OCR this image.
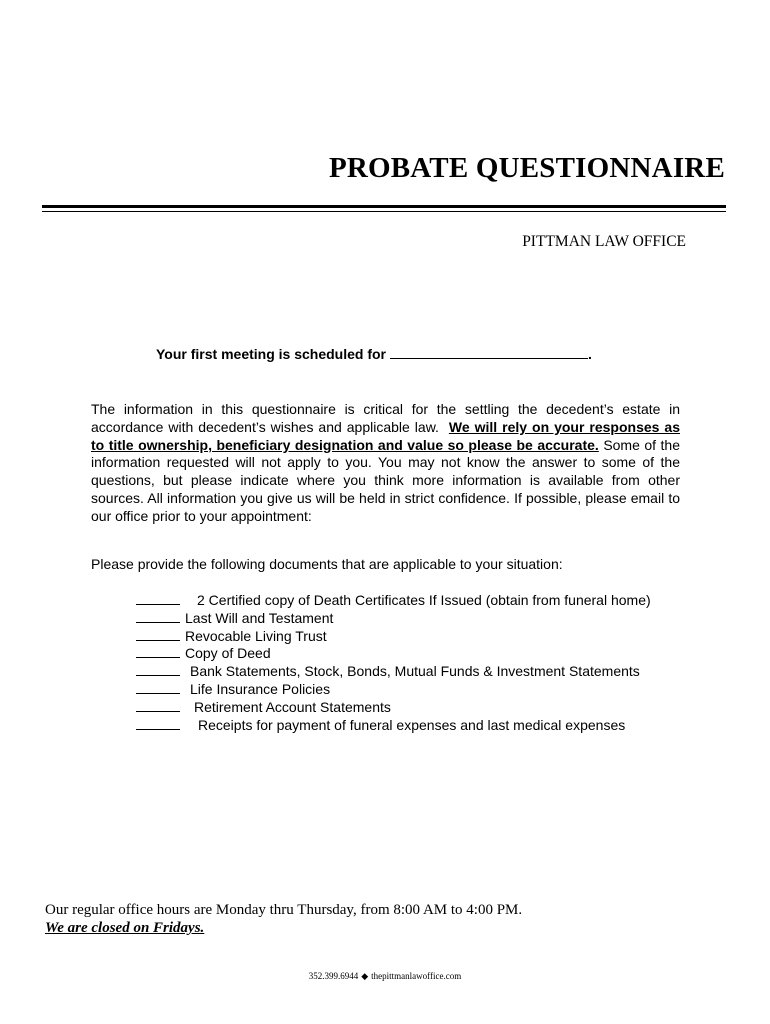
PROBATE QUESTIONNAIRE
PITTMAN LAW OFFICE
Your first meeting is scheduled for	.
The information in this questionnaire is critical for the settling the decedent’s estate in accordance with decedent’s wishes and applicable law. We will rely on your responses as to title ownership, beneficiary designation and value so please be accurate. Some of the information requested will not apply to you. You may not know the answer to some of the questions, but please indicate where you think more information is available from other sources. All information you give us will be held in strict confidence. If possible, please email to our office prior to your appointment:
Please provide the following documents that are applicable to your situation:
2 Certified copy of Death Certificates If Issued (obtain from funeral home)
Last Will and Testament
Revocable Living Trust
Copy of Deed
Bank Statements, Stock, Bonds, Mutual Funds & Investment Statements
Life Insurance Policies
Retirement Account Statements
Receipts for payment of funeral expenses and last medical expenses
Our regular office hours are Monday thru Thursday, from 8:00 AM to 4:00 PM.
We are closed on Fridays.
352.399.6944 ◆ thepittmanlawoffice.com
